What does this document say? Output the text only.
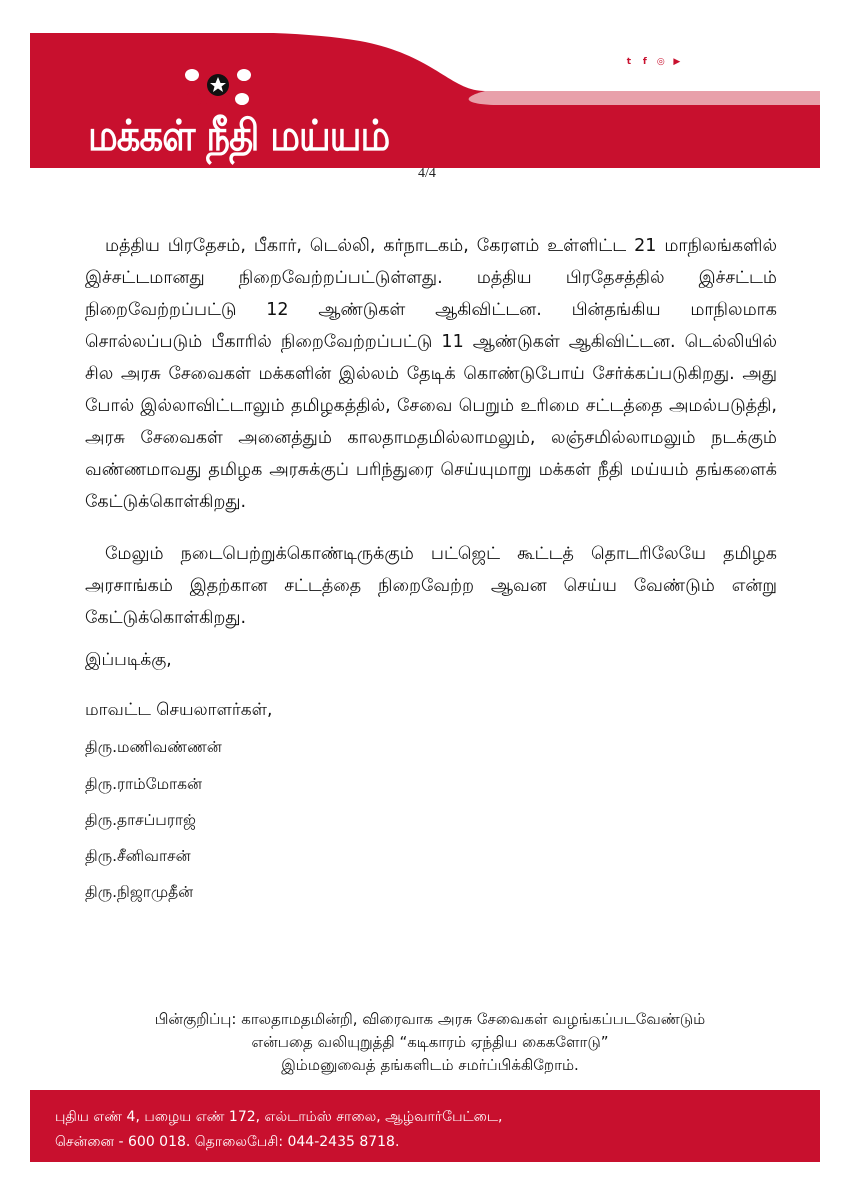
மக்கள் நீதி மய்யம்
www.maiam.com	t	f	◎ ▶ /maiamofficial
4/4
மத்திய பிரதேசம், பீகார், டெல்லி, கர்நாடகம், கேரளம் உள்ளிட்ட 21 மாநிலங்களில் இச்சட்டமானது நிறைவேற்றப்பட்டுள்ளது. மத்திய பிரதேசத்தில் இச்சட்டம் நிறைவேற்றப்பட்டு 12 ஆண்டுகள் ஆகிவிட்டன. பின்தங்கிய மாநிலமாக சொல்லப்படும் பீகாரில் நிறைவேற்றப்பட்டு 11 ஆண்டுகள் ஆகிவிட்டன. டெல்லியில் சில அரசு சேவைகள் மக்களின் இல்லம் தேடிக் கொண்டுபோய் சேர்க்கப்படுகிறது. அது போல் இல்லாவிட்டாலும் தமிழகத்தில், சேவை பெறும் உரிமை சட்டத்தை அமல்படுத்தி, அரசு சேவைகள் அனைத்தும் காலதாமதமில்லாமலும், லஞ்சமில்லாமலும் நடக்கும் வண்ணமாவது தமிழக அரசுக்குப் பரிந்துரை செய்யுமாறு மக்கள் நீதி மய்யம் தங்களைக் கேட்டுக்கொள்கிறது.
மேலும் நடைபெற்றுக்கொண்டிருக்கும் பட்ஜெட் கூட்டத் தொடரிலேயே தமிழக அரசாங்கம் இதற்கான சட்டத்தை நிறைவேற்ற ஆவன செய்ய வேண்டும் என்று கேட்டுக்கொள்கிறது.
இப்படிக்கு,
மாவட்ட செயலாளர்கள்,
திரு.மணிவண்ணன்
திரு.ராம்மோகன்
திரு.தாசப்பராஜ்
திரு.சீனிவாசன்
திரு.நிஜாமுதீன்
பின்குறிப்பு: காலதாமதமின்றி, விரைவாக அரசு சேவைகள் வழங்கப்படவேண்டும்
என்பதை வலியுறுத்தி “கடிகாரம் ஏந்திய கைகளோடு”
இம்மனுவைத் தங்களிடம் சமர்ப்பிக்கிறோம்.
புதிய எண் 4, பழைய எண் 172, எல்டாம்ஸ் சாலை, ஆழ்வார்பேட்டை,
சென்னை - 600 018. தொலைபேசி: 044-2435 8718.
